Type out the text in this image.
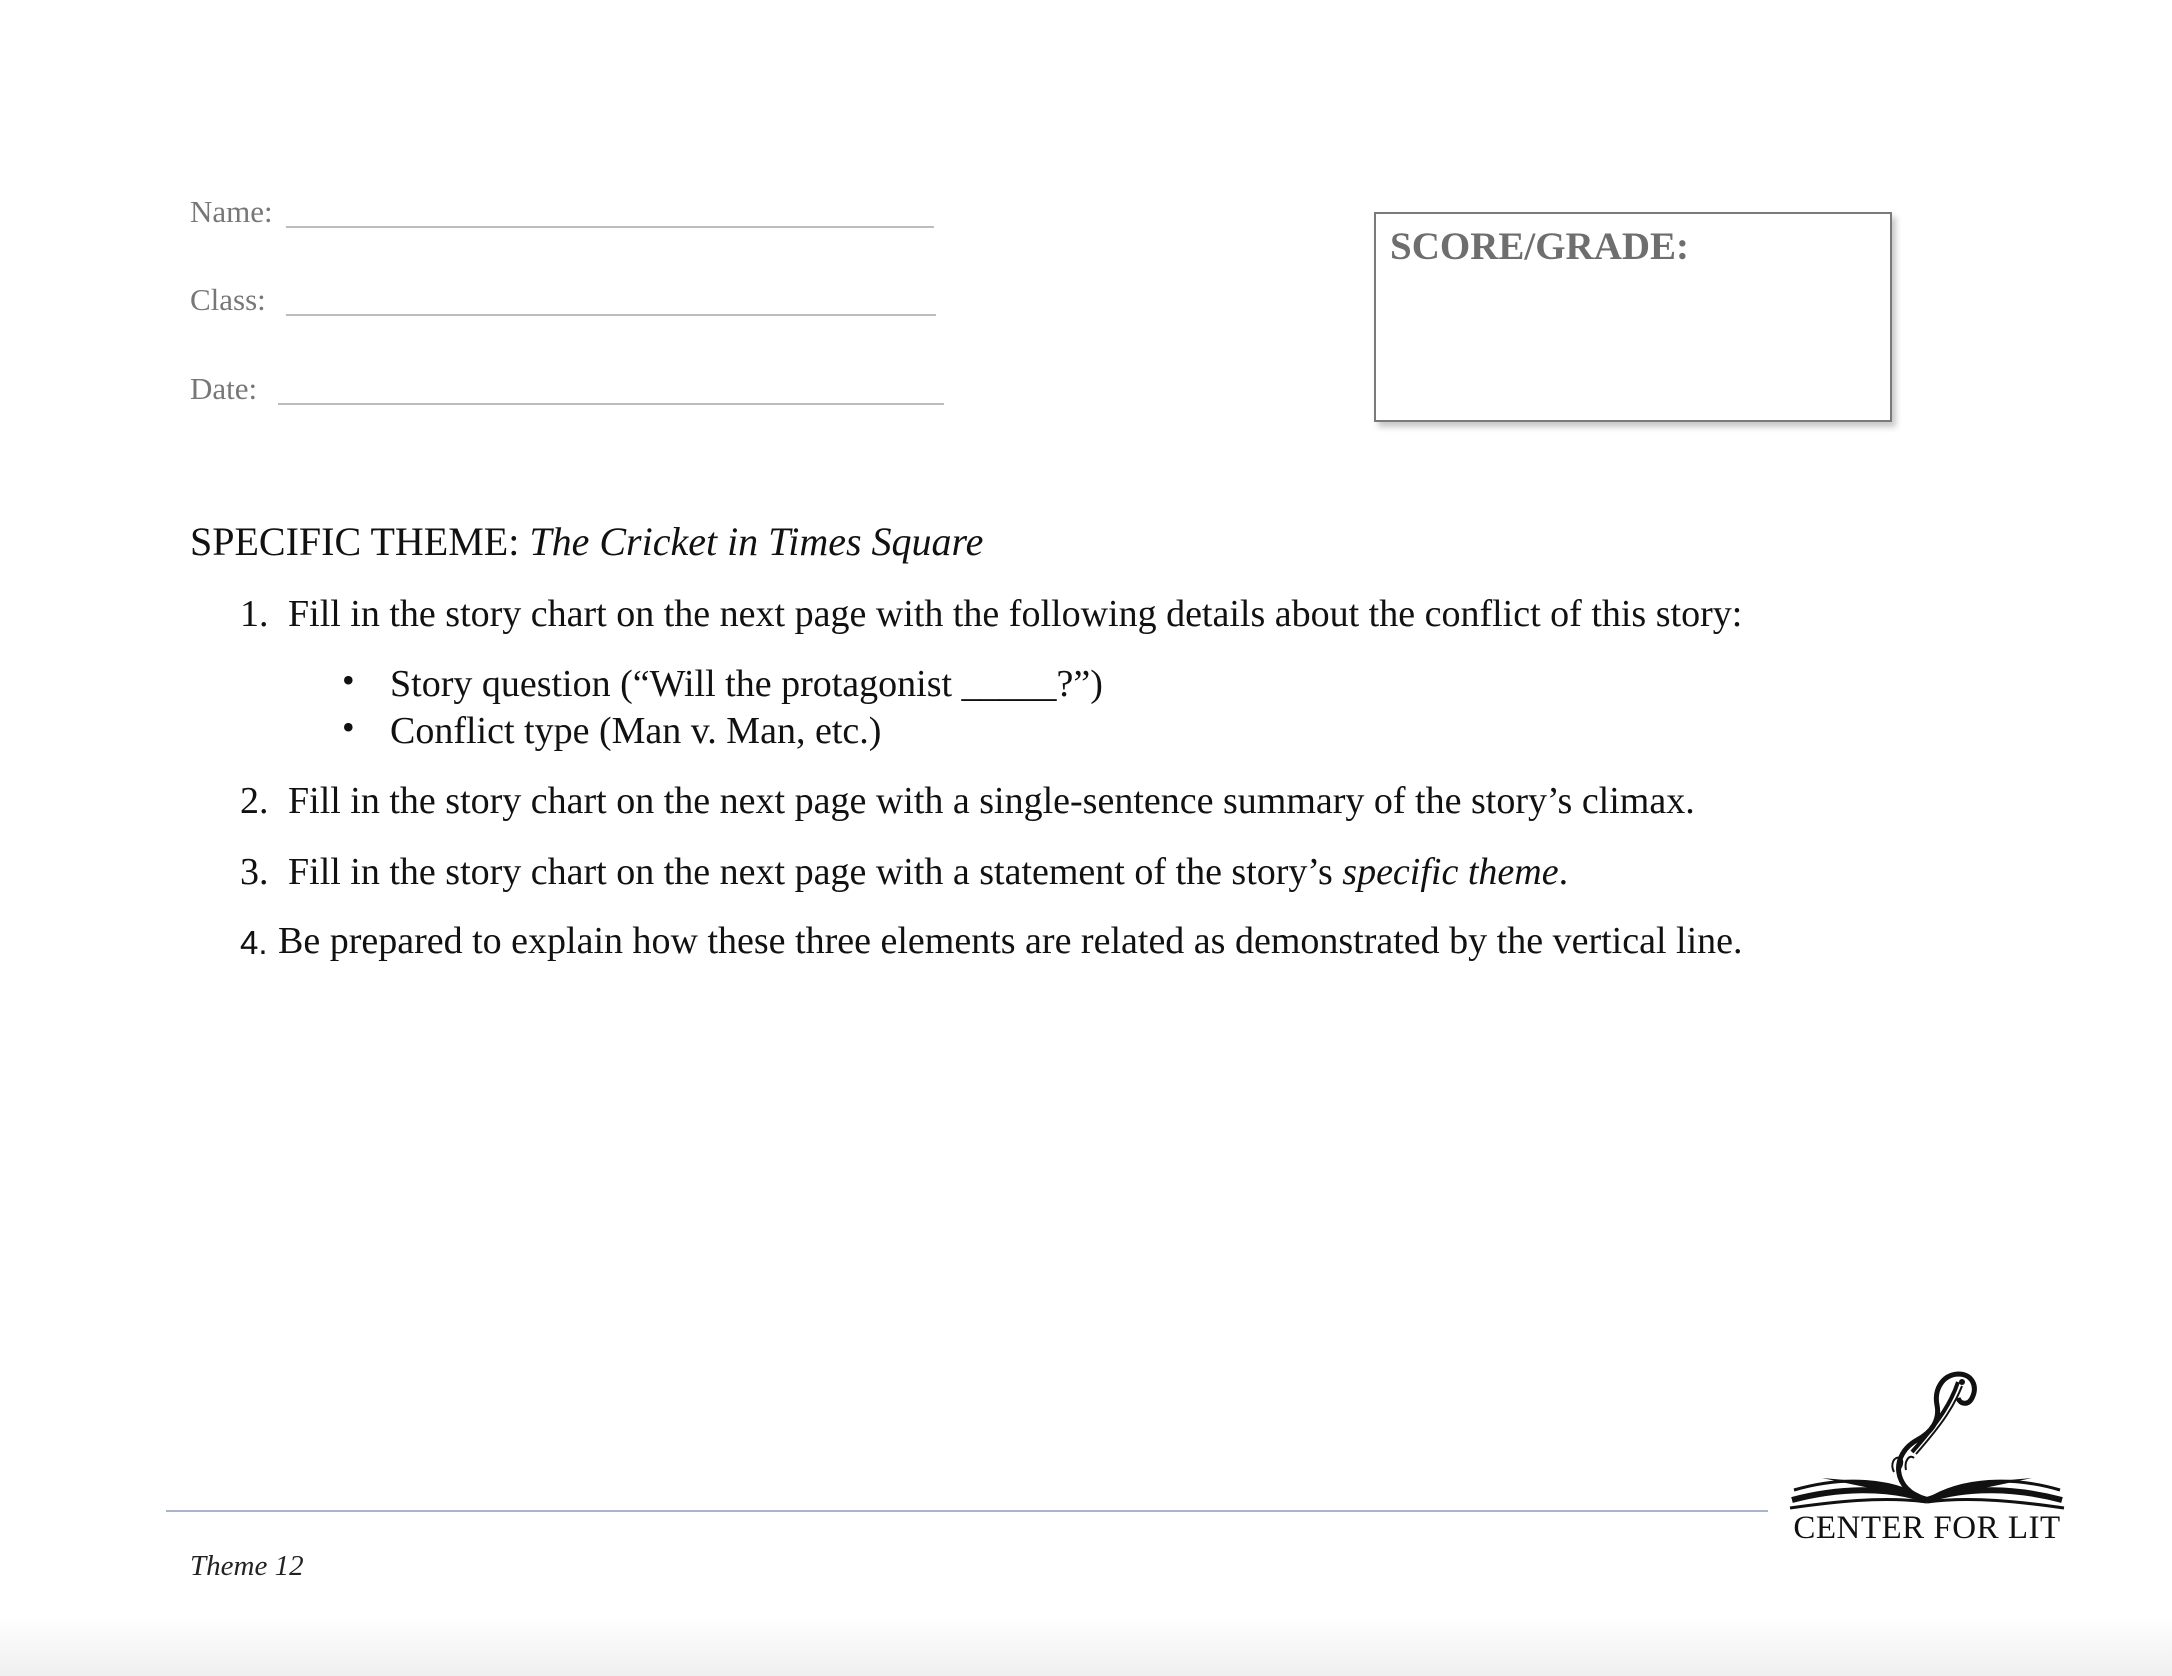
Name:
Class:
Date:
SCORE/GRADE:
SPECIFIC THEME: The Cricket in Times Square
1. Fill in the story chart on the next page with the following details about the conflict of this story:
• Story question (“Will the protagonist _____?”)
• Conflict type (Man v. Man, etc.)
2. Fill in the story chart on the next page with a single-sentence summary of the story’s climax.
3. Fill in the story chart on the next page with a statement of the story’s specific theme.
4. Be prepared to explain how these three elements are related as demonstrated by the vertical line.
Theme 12
CENTER FOR LIT
